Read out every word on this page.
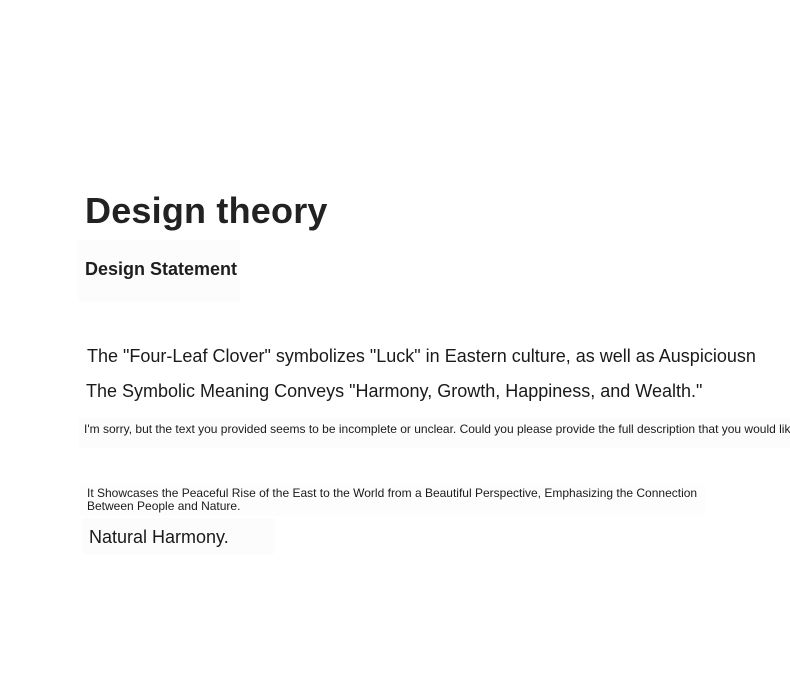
Design theory
Design Statement
The "Four-Leaf Clover" symbolizes "Luck" in Eastern culture, as well as Auspiciousn
The Symbolic Meaning Conveys "Harmony, Growth, Happiness, and Wealth."
I'm sorry, but the text you provided seems to be incomplete or unclear. Could you please provide the full description that you would lik
It Showcases the Peaceful Rise of the East to the World from a Beautiful Perspective, Emphasizing the Connection Between People and Nature.
Natural Harmony.
